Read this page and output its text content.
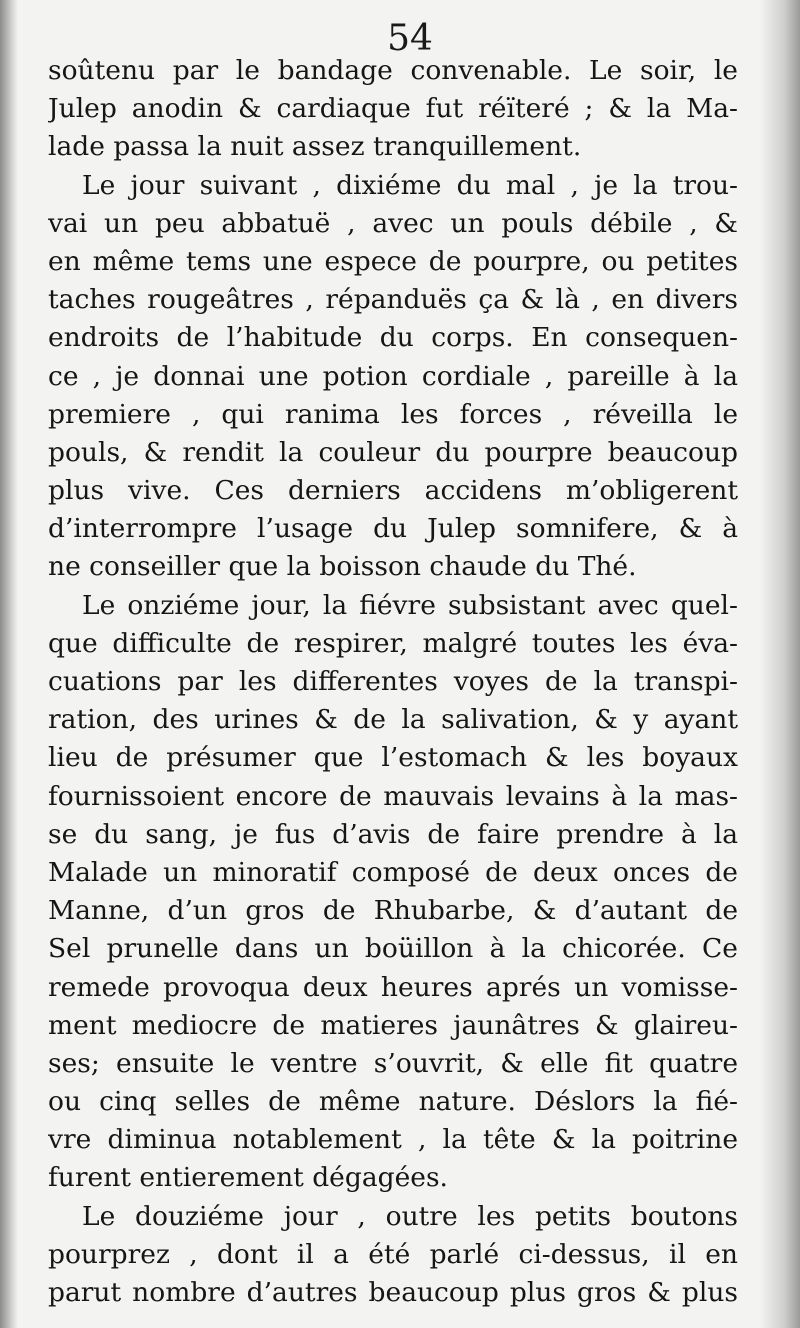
54
soûtenu par le bandage convenable. Le soir, le
Julep anodin & cardiaque fut réïteré ; & la Ma-
lade passa la nuit assez tranquillement.
Le jour suivant , dixiéme du mal , je la trou-
vai un peu abbatuë , avec un pouls débile , &
en même tems une espece de pourpre, ou petites
taches rougeâtres , répanduës ça & là , en divers
endroits de l’habitude du corps. En consequen-
ce , je donnai une potion cordiale , pareille à la
premiere , qui ranima les forces , réveilla le
pouls, & rendit la couleur du pourpre beaucoup
plus vive. Ces derniers accidens m’obligerent
d’interrompre l’usage du Julep somnifere, & à
ne conseiller que la boisson chaude du Thé.
Le onziéme jour, la fiévre subsistant avec quel-
que difficulte de respirer, malgré toutes les éva-
cuations par les differentes voyes de la transpi-
ration, des urines & de la salivation, & y ayant
lieu de présumer que l’estomach & les boyaux
fournissoient encore de mauvais levains à la mas-
se du sang, je fus d’avis de faire prendre à la
Malade un minoratif composé de deux onces de
Manne, d’un gros de Rhubarbe, & d’autant de
Sel prunelle dans un boüillon à la chicorée. Ce
remede provoqua deux heures aprés un vomisse-
ment mediocre de matieres jaunâtres & glaireu-
ses; ensuite le ventre s’ouvrit, & elle fit quatre
ou cinq selles de même nature. Déslors la fié-
vre diminua notablement , la tête & la poitrine
furent entierement dégagées.
Le douziéme jour , outre les petits boutons
pourprez , dont il a été parlé ci-dessus, il en
parut nombre d’autres beaucoup plus gros & plus
